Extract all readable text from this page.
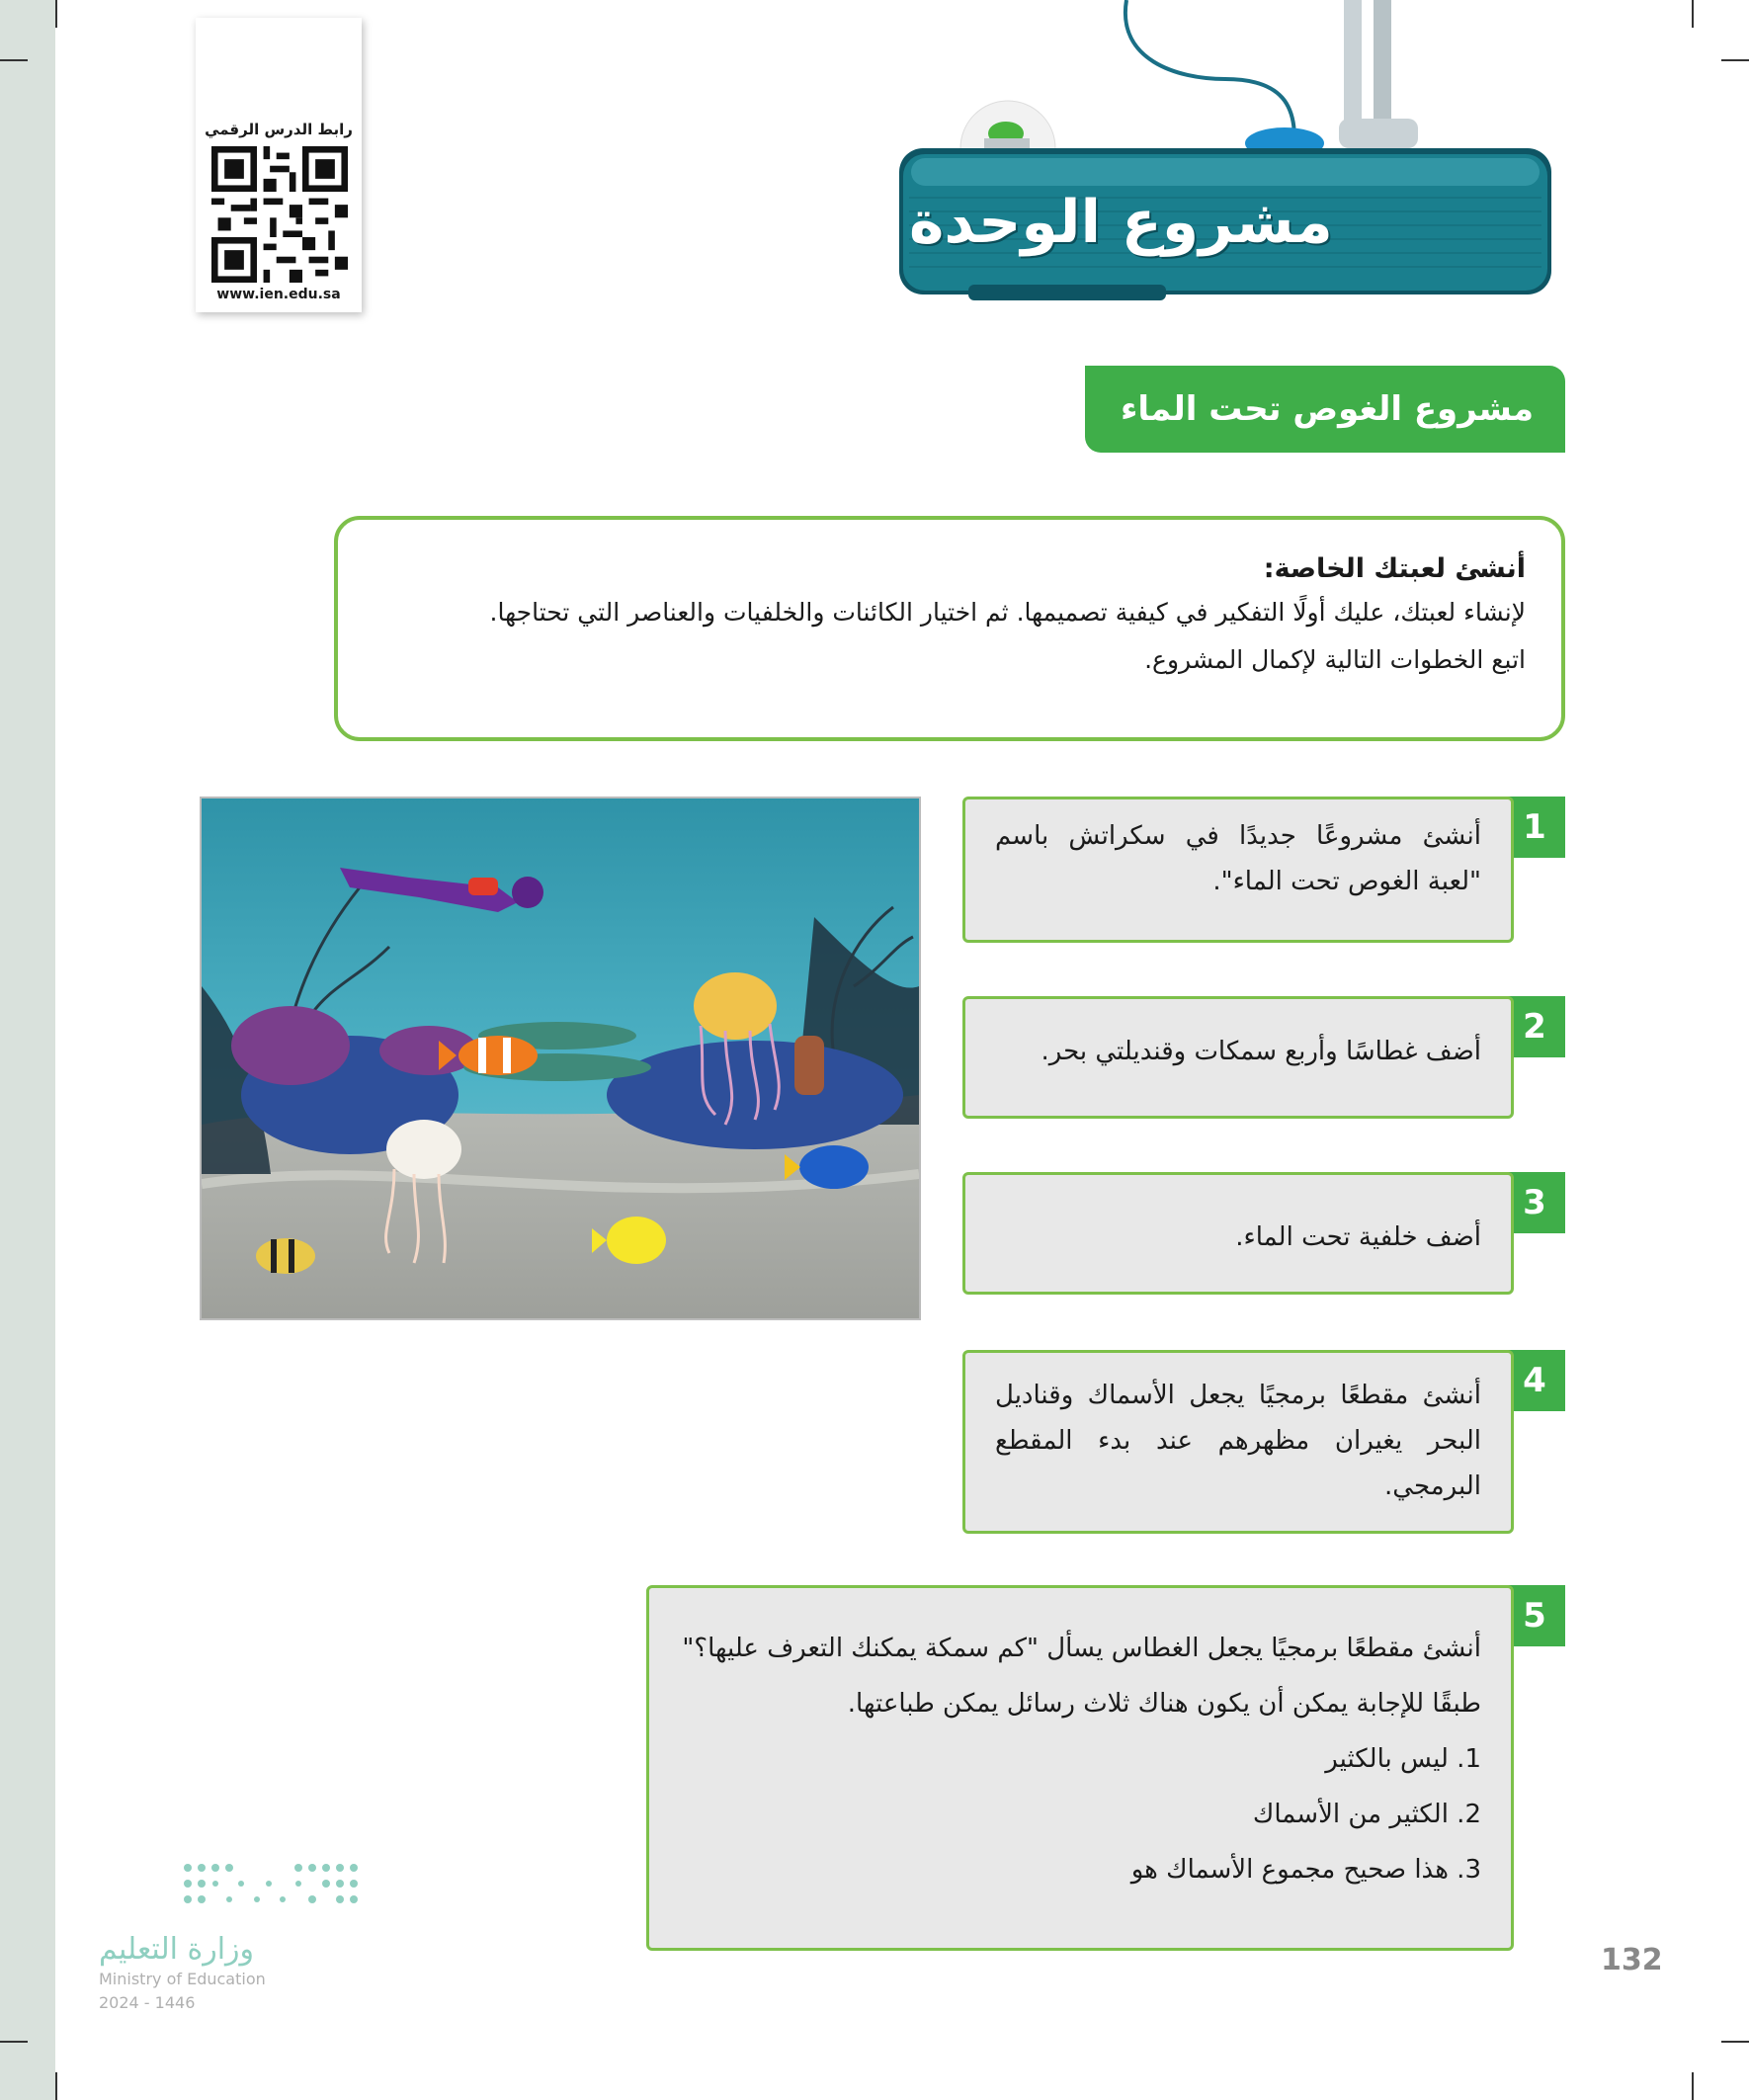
رابط الدرس الرقمي
www.ien.edu.sa
مشروع الوحدة
مشروع الغوص تحت الماء
أنشئ لعبتك الخاصة:
لإنشاء لعبتك، عليك أولًا التفكير في كيفية تصميمها. ثم اختيار الكائنات والخلفيات والعناصر التي تحتاجها.
اتبع الخطوات التالية لإكمال المشروع.
1
أنشئ مشروعًا جديدًا في سكراتش باسم "لعبة الغوص تحت الماء".
2
أضف غطاسًا وأربع سمكات وقنديلتي بحر.
3
أضف خلفية تحت الماء.
4
أنشئ مقطعًا برمجيًا يجعل الأسماك وقناديل البحر يغيران مظهرهم عند بدء المقطع البرمجي.
5
أنشئ مقطعًا برمجيًا يجعل الغطاس يسأل "كم سمكة يمكنك التعرف عليها؟"
طبقًا للإجابة يمكن أن يكون هناك ثلاث رسائل يمكن طباعتها.
1. ليس بالكثير
2. الكثير من الأسماك
3. هذا صحيح مجموع الأسماك هو
وزارة التعليم
Ministry of Education
2024 - 1446
132
